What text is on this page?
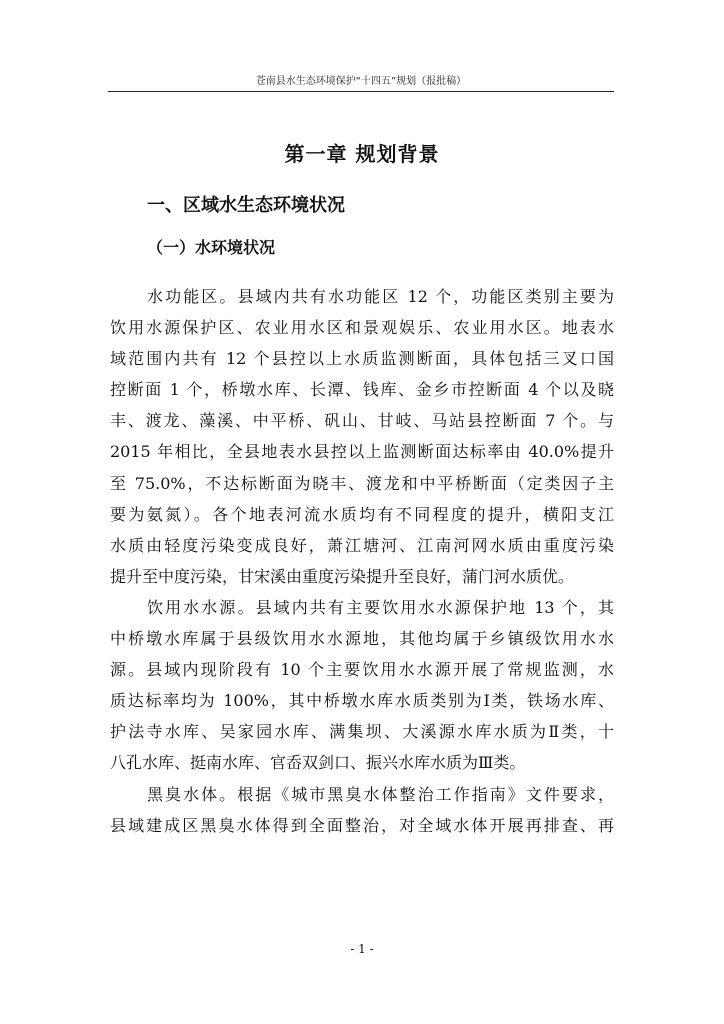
苍南县水生态环境保护“十四五”规划（报批稿）
第一章 规划背景
一、区域水生态环境状况
（一）水环境状况
水功能区。县域内共有水功能区 12 个，功能区类别主要为
饮用水源保护区、农业用水区和景观娱乐、农业用水区。地表水
域范围内共有 12 个县控以上水质监测断面，具体包括三叉口国
控断面 1 个，桥墩水库、长潭、钱库、金乡市控断面 4 个以及晓
丰、渡龙、藻溪、中平桥、矾山、甘岐、马站县控断面 7 个。与
2015 年相比，全县地表水县控以上监测断面达标率由 40.0%提升
至 75.0%，不达标断面为晓丰、渡龙和中平桥断面（定类因子主
要为氨氮）。各个地表河流水质均有不同程度的提升，横阳支江
水质由轻度污染变成良好，萧江塘河、江南河网水质由重度污染
提升至中度污染，甘宋溪由重度污染提升至良好，蒲门河水质优。
饮用水水源。县域内共有主要饮用水水源保护地 13 个，其
中桥墩水库属于县级饮用水水源地，其他均属于乡镇级饮用水水
源。县域内现阶段有 10 个主要饮用水水源开展了常规监测，水
质达标率均为 100%，其中桥墩水库水质类别为Ⅰ类，铁场水库、
护法寺水库、吴家园水库、满集坝、大溪源水库水质为Ⅱ类，十
八孔水库、挺南水库、官岙双剑口、振兴水库水质为Ⅲ类。
黑臭水体。根据《城市黑臭水体整治工作指南》文件要求，
县域建成区黑臭水体得到全面整治，对全域水体开展再排查、再
- 1 -
